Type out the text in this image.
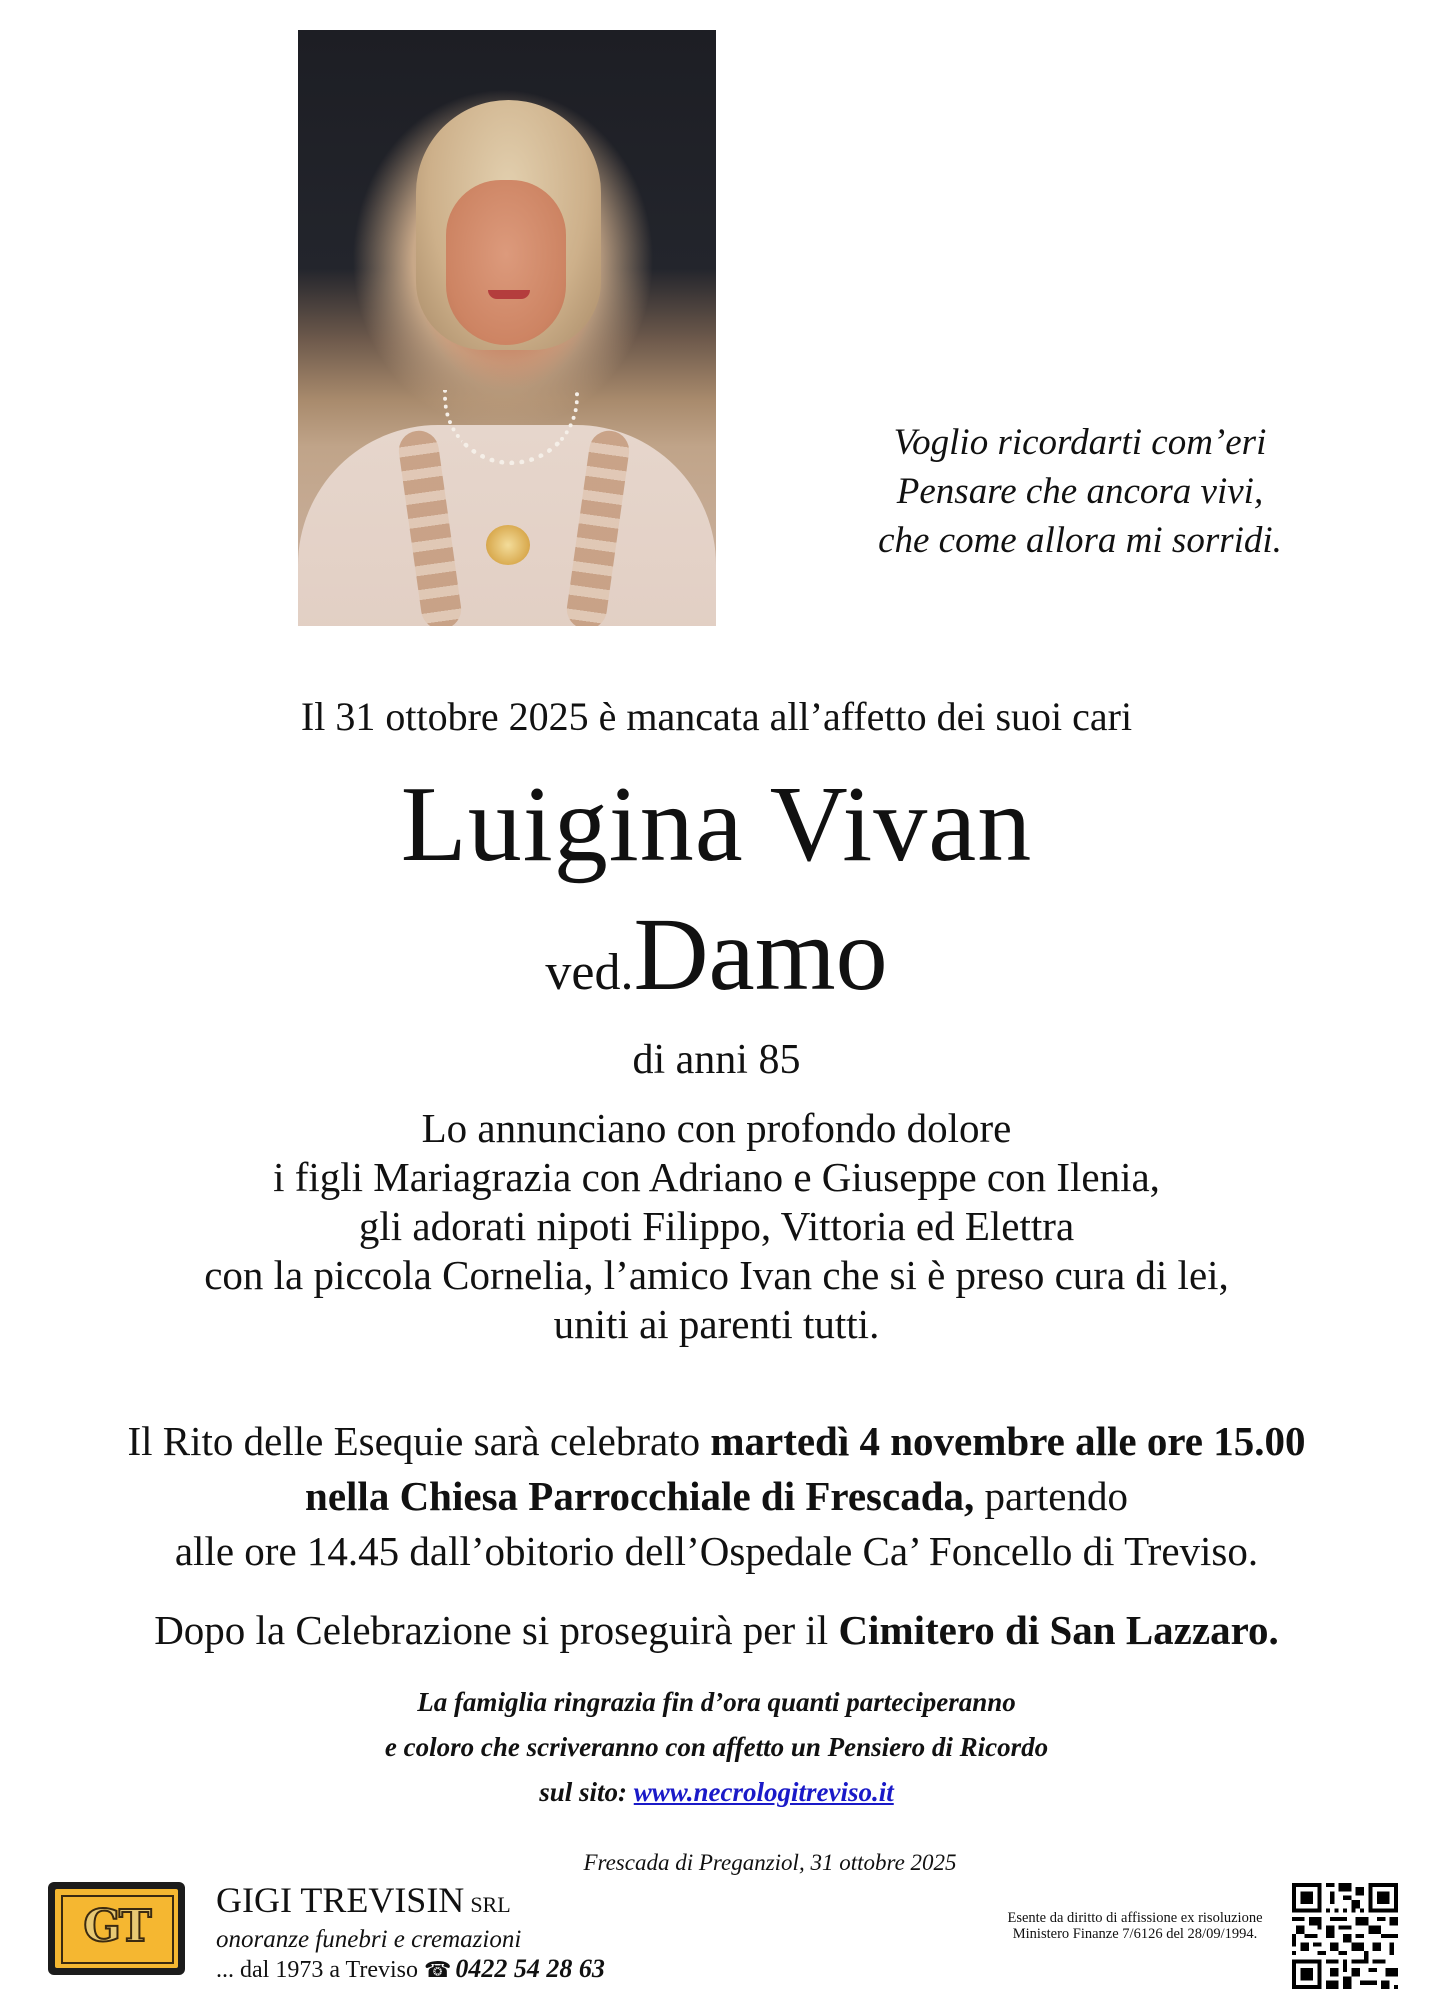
Voglio ricordarti com’eri
Pensare che ancora vivi,
che come allora mi sorridi.
Il 31 ottobre 2025 è mancata all’affetto dei suoi cari
Luigina Vivan
ved.Damo
di anni 85
Lo annunciano con profondo dolore
i figli Mariagrazia con Adriano e Giuseppe con Ilenia,
gli adorati nipoti Filippo, Vittoria ed Elettra
con la piccola Cornelia, l’amico Ivan che si è preso cura di lei,
uniti ai parenti tutti.
Il Rito delle Esequie sarà celebrato martedì 4 novembre alle ore 15.00
nella Chiesa Parrocchiale di Frescada, partendo
alle ore 14.45 dall’obitorio dell’Ospedale Ca’ Foncello di Treviso.
Dopo la Celebrazione si proseguirà per il Cimitero di San Lazzaro.
La famiglia ringrazia fin d’ora quanti parteciperanno
e coloro che scriveranno con affetto un Pensiero di Ricordo
sul sito: www.necrologitreviso.it
Frescada di Preganziol, 31 ottobre 2025
GT
GIGI TREVISIN SRL
onoranze funebri e cremazioni
... dal 1973 a Treviso ☎ 0422 54 28 63
Esente da diritto di affissione ex risoluzione
Ministero Finanze 7/6126 del 28/09/1994.
